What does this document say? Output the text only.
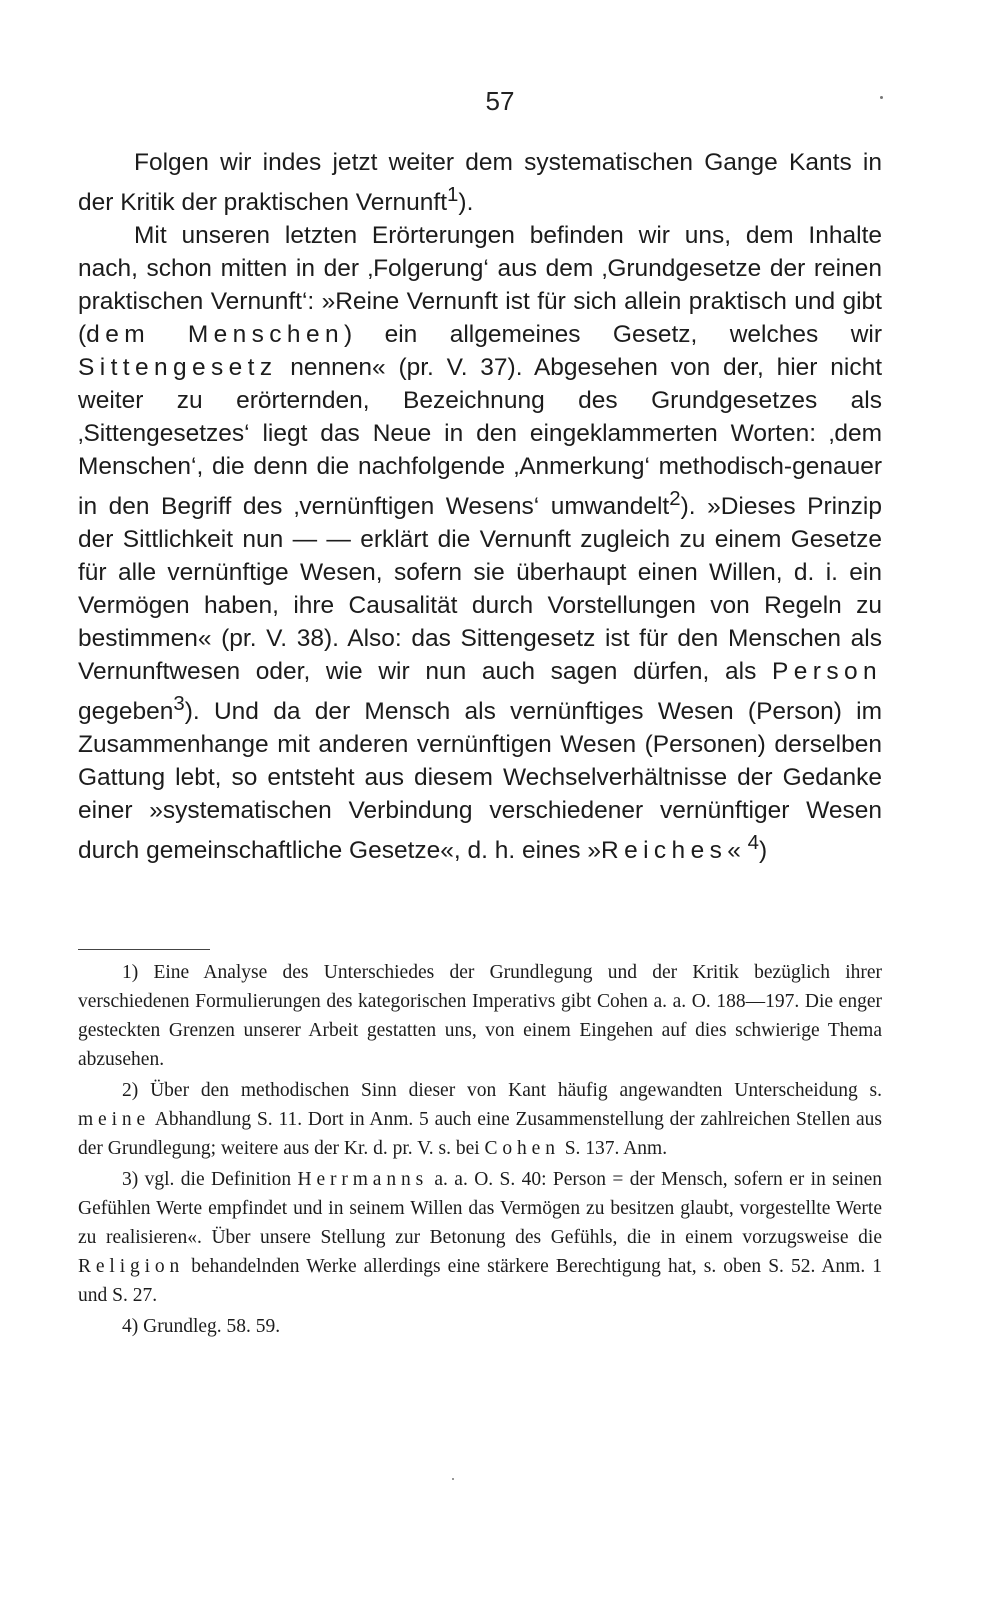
57

Folgen wir indes jetzt weiter dem systematischen Gange Kants in der Kritik der praktischen Vernunft$^1$).

Mit unseren letzten Erörterungen befinden wir uns, dem Inhalte nach, schon mitten in der ‚Folgerung‘ aus dem ‚Grundgesetze der reinen praktischen Vernunft‘: »Reine Vernunft ist für sich allein praktisch und gibt (dem Menschen) ein allgemeines Gesetz, welches wir Sittengesetz nennen« (pr. V. 37). Abgesehen von der, hier nicht weiter zu erörternden, Bezeichnung des Grundgesetzes als ‚Sittengesetzes‘ liegt das Neue in den eingeklammerten Worten: ‚dem Menschen‘, die denn die nachfolgende ‚Anmerkung‘ methodisch-genauer in den Begriff des ‚vernünftigen Wesens‘ umwandelt$^2$). »Dieses Prinzip der Sittlichkeit nun — — erklärt die Vernunft zugleich zu einem Gesetze für alle vernünftige Wesen, sofern sie überhaupt einen Willen, d. i. ein Vermögen haben, ihre Causalität durch Vorstellungen von Regeln zu bestimmen« (pr. V. 38). Also: das Sittengesetz ist für den Menschen als Vernunftwesen oder, wie wir nun auch sagen dürfen, als Person gegeben$^3$). Und da der Mensch als vernünftiges Wesen (Person) im Zusammenhange mit anderen vernünftigen Wesen (Personen) derselben Gattung lebt, so entsteht aus diesem Wechselverhältnisse der Gedanke einer »systematischen Verbindung verschiedener vernünftiger Wesen durch gemeinschaftliche Gesetze«, d. h. eines »Reiches« $^4$)

1) Eine Analyse des Unterschiedes der Grundlegung und der Kritik bezüglich ihrer verschiedenen Formulierungen des kategorischen Imperativs gibt Cohen a. a. O. 188—197. Die enger gesteckten Grenzen unserer Arbeit gestatten uns, von einem Eingehen auf dies schwierige Thema abzusehen.

2) Über den methodischen Sinn dieser von Kant häufig angewandten Unterscheidung s. meine Abhandlung S. 11. Dort in Anm. 5 auch eine Zusammenstellung der zahlreichen Stellen aus der Grundlegung; weitere aus der Kr. d. pr. V. s. bei Cohen S. 137. Anm.

3) vgl. die Definition Herrmanns a. a. O. S. 40: Person = der Mensch, sofern er in seinen Gefühlen Werte empfindet und in seinem Willen das Vermögen zu besitzen glaubt, vorgestellte Werte zu realisieren«. Über unsere Stellung zur Betonung des Gefühls, die in einem vorzugsweise die Religion behandelnden Werke allerdings eine stärkere Berechtigung hat, s. oben S. 52. Anm. 1 und S. 27.

4) Grundleg. 58. 59.
